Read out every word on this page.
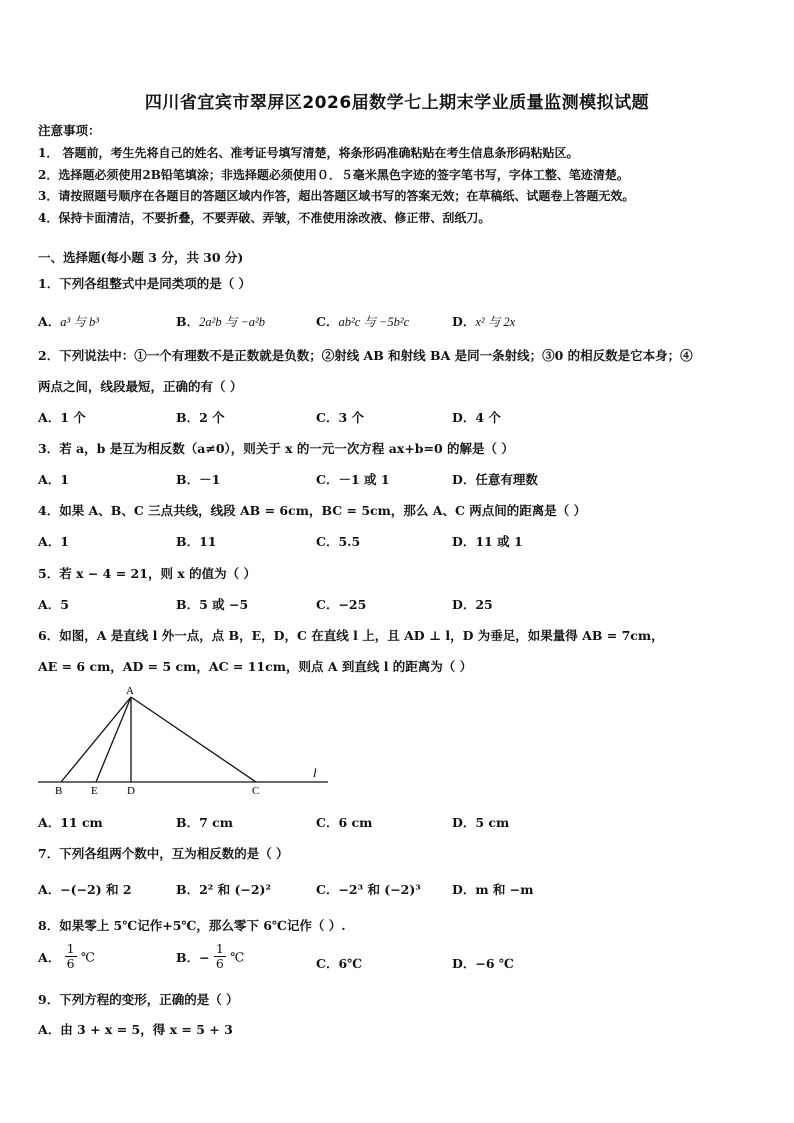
四川省宜宾市翠屏区2026届数学七上期末学业质量监测模拟试题
注意事项：
1． 答题前，考生先将自己的姓名、准考证号填写清楚，将条形码准确粘贴在考生信息条形码粘贴区。
2．选择题必须使用2B铅笔填涂；非选择题必须使用０．５毫米黑色字迹的签字笔书写，字体工整、笔迹清楚。
3．请按照题号顺序在各题目的答题区域内作答，超出答题区域书写的答案无效；在草稿纸、试题卷上答题无效。
4．保持卡面清洁，不要折叠，不要弄破、弄皱，不准使用涂改液、修正带、刮纸刀。
一、选择题(每小题 3 分，共 30 分)
1．下列各组整式中是同类项的是（ ）
A．a³ 与 b³	B．2a²b 与 −a²b	C．ab²c 与 −5b²c	D．x² 与 2x
2．下列说法中：①一个有理数不是正数就是负数；②射线 AB 和射线 BA 是同一条射线；③0 的相反数是它本身；④
两点之间，线段最短，正确的有（ ）
A．1 个	B．2 个	C．3 个	D．4 个
3．若 a，b 是互为相反数（a≠0），则关于 x 的一元一次方程 ax+b=0 的解是（ ）
A．1	B．－1	C．－1 或 1	D．任意有理数
4．如果 A、B、C 三点共线，线段 AB = 6cm，BC = 5cm，那么 A、C 两点间的距离是（ ）
A．1	B．11	C．5.5	D．11 或 1
5．若 x − 4 = 21，则 x 的值为（ ）
A．5	B．5 或 −5	C．−25	D．25
6．如图，A 是直线 l 外一点，点 B，E，D，C 在直线 l 上，且 AD ⊥ l，D 为垂足，如果量得 AB = 7cm，
AE = 6 cm，AD = 5 cm，AC = 11cm，则点 A 到直线 l 的距离为（ ）
A
B	E	D	C
l
A．11 cm	B．7 cm	C．6 cm	D．5 cm
7．下列各组两个数中，互为相反数的是（ ）
A．−(−2) 和 2	B．2² 和 (−2)²	C．−2³ 和 (−2)³ D．m 和 −m
8．如果零上 5℃记作+5℃，那么零下 6℃记作（ ）.
A． $\frac{1}{6}$ ℃	B．− $\frac{1}{6}$ ℃	C．6℃	D．−6 ℃
9．下列方程的变形，正确的是（ ）
A．由 3 + x = 5，得 x = 5 + 3
